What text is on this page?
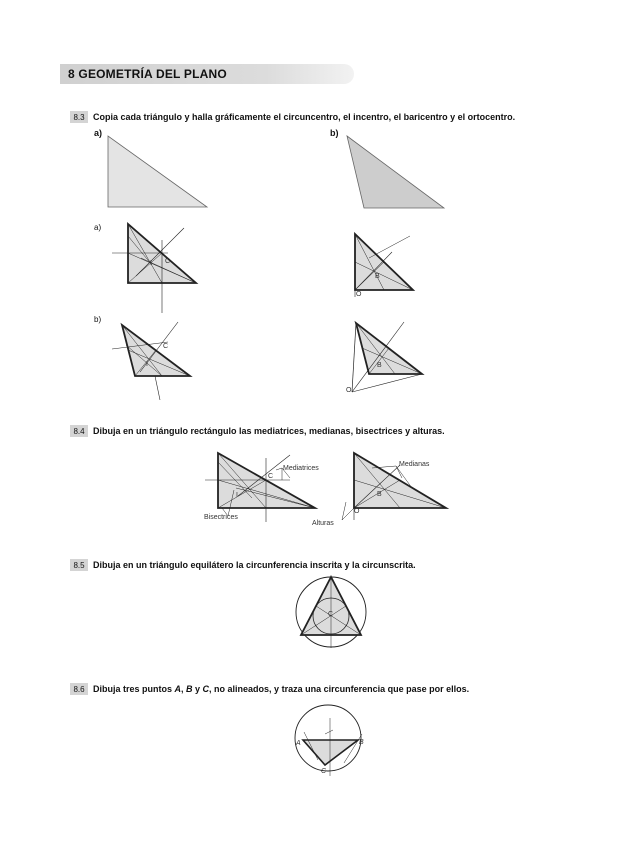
8 GEOMETRÍA DEL PLANO
8.3 Copia cada triángulo y halla gráficamente el circuncentro, el incentro, el baricentro y el ortocentro.
a)	b)
a)
b)
8.4 Dibuja en un triángulo rectángulo las mediatrices, medianas, bisectrices y alturas.
8.5 Dibuja en un triángulo equilátero la circunferencia inscrita y la circunscrita.
8.6 Dibuja tres puntos A, B y C, no alineados, y traza una circunferencia que pase por ellos.
I C
B
O
C
I	B
O
C
I
Mediatrices
Bisectrices
B
O
Medianas
Alturas
C
A	B
C
